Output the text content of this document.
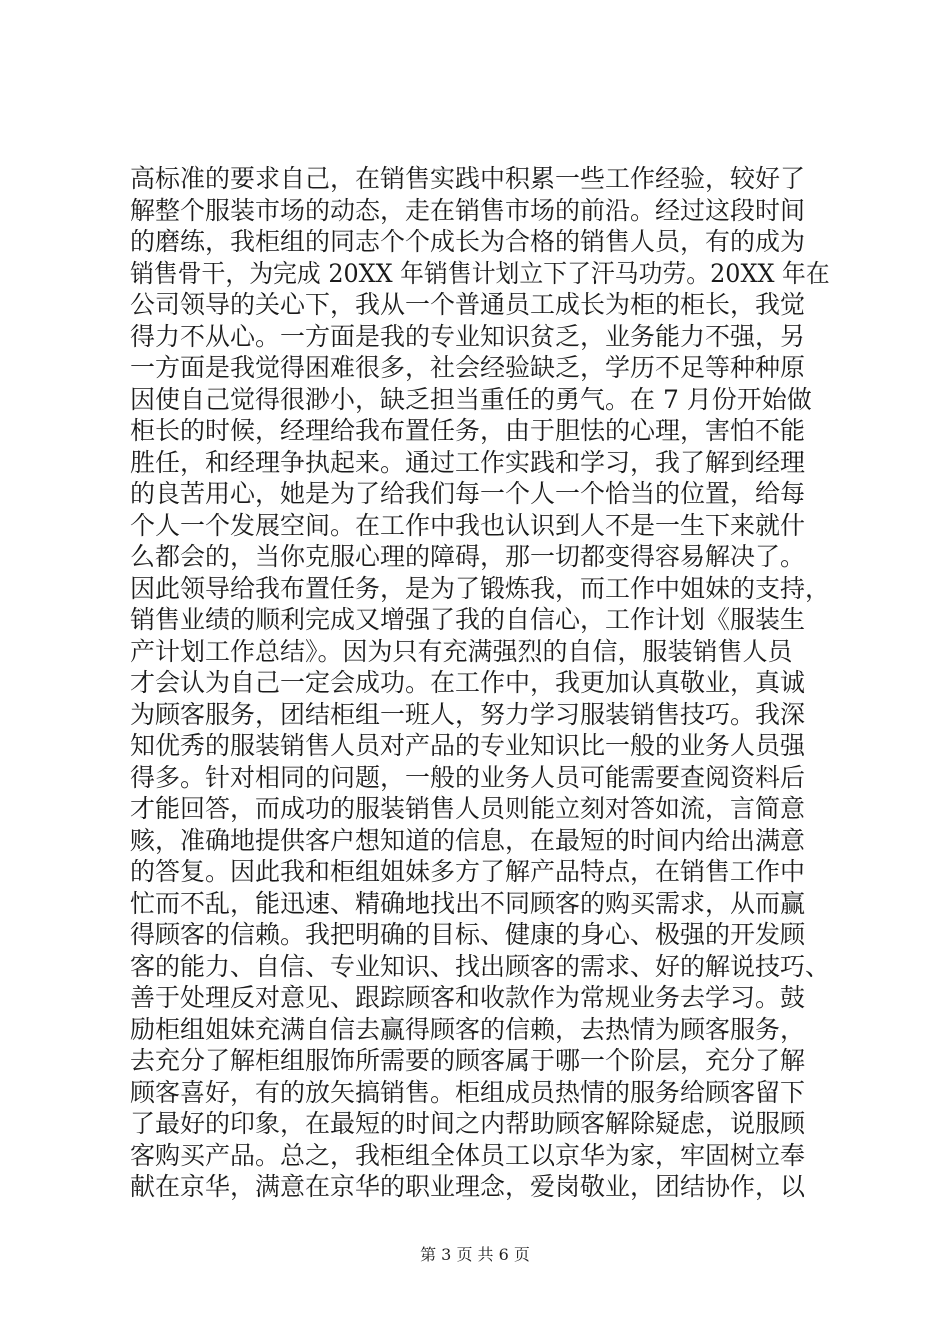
高标准的要求自己，在销售实践中积累一些工作经验，较好了
解整个服装市场的动态，走在销售市场的前沿。经过这段时间
的磨练，我柜组的同志个个成长为合格的销售人员，有的成为
销售骨干，为完成 20XX 年销售计划立下了汗马功劳。20XX 年在
公司领导的关心下，我从一个普通员工成长为柜的柜长，我觉
得力不从心。一方面是我的专业知识贫乏，业务能力不强，另
一方面是我觉得困难很多，社会经验缺乏，学历不足等种种原
因使自己觉得很渺小，缺乏担当重任的勇气。在 7 月份开始做
柜长的时候，经理给我布置任务，由于胆怯的心理，害怕不能
胜任，和经理争执起来。通过工作实践和学习，我了解到经理
的良苦用心，她是为了给我们每一个人一个恰当的位置，给每
个人一个发展空间。在工作中我也认识到人不是一生下来就什
么都会的，当你克服心理的障碍，那一切都变得容易解决了。
因此领导给我布置任务，是为了锻炼我，而工作中姐妹的支持，
销售业绩的顺利完成又增强了我的自信心，工作计划《服装生
产计划工作总结》。因为只有充满强烈的自信，服装销售人员
才会认为自己一定会成功。在工作中，我更加认真敬业，真诚
为顾客服务，团结柜组一班人，努力学习服装销售技巧。我深
知优秀的服装销售人员对产品的专业知识比一般的业务人员强
得多。针对相同的问题，一般的业务人员可能需要查阅资料后
才能回答，而成功的服装销售人员则能立刻对答如流，言简意
赅，准确地提供客户想知道的信息，在最短的时间内给出满意
的答复。因此我和柜组姐妹多方了解产品特点，在销售工作中
忙而不乱，能迅速、精确地找出不同顾客的购买需求，从而赢
得顾客的信赖。我把明确的目标、健康的身心、极强的开发顾
客的能力、自信、专业知识、找出顾客的需求、好的解说技巧、
善于处理反对意见、跟踪顾客和收款作为常规业务去学习。鼓
励柜组姐妹充满自信去赢得顾客的信赖，去热情为顾客服务，
去充分了解柜组服饰所需要的顾客属于哪一个阶层，充分了解
顾客喜好，有的放矢搞销售。柜组成员热情的服务给顾客留下
了最好的印象，在最短的时间之内帮助顾客解除疑虑，说服顾
客购买产品。总之，我柜组全体员工以京华为家，牢固树立奉
献在京华，满意在京华的职业理念，爱岗敬业，团结协作，以
第 3 页 共 6 页
